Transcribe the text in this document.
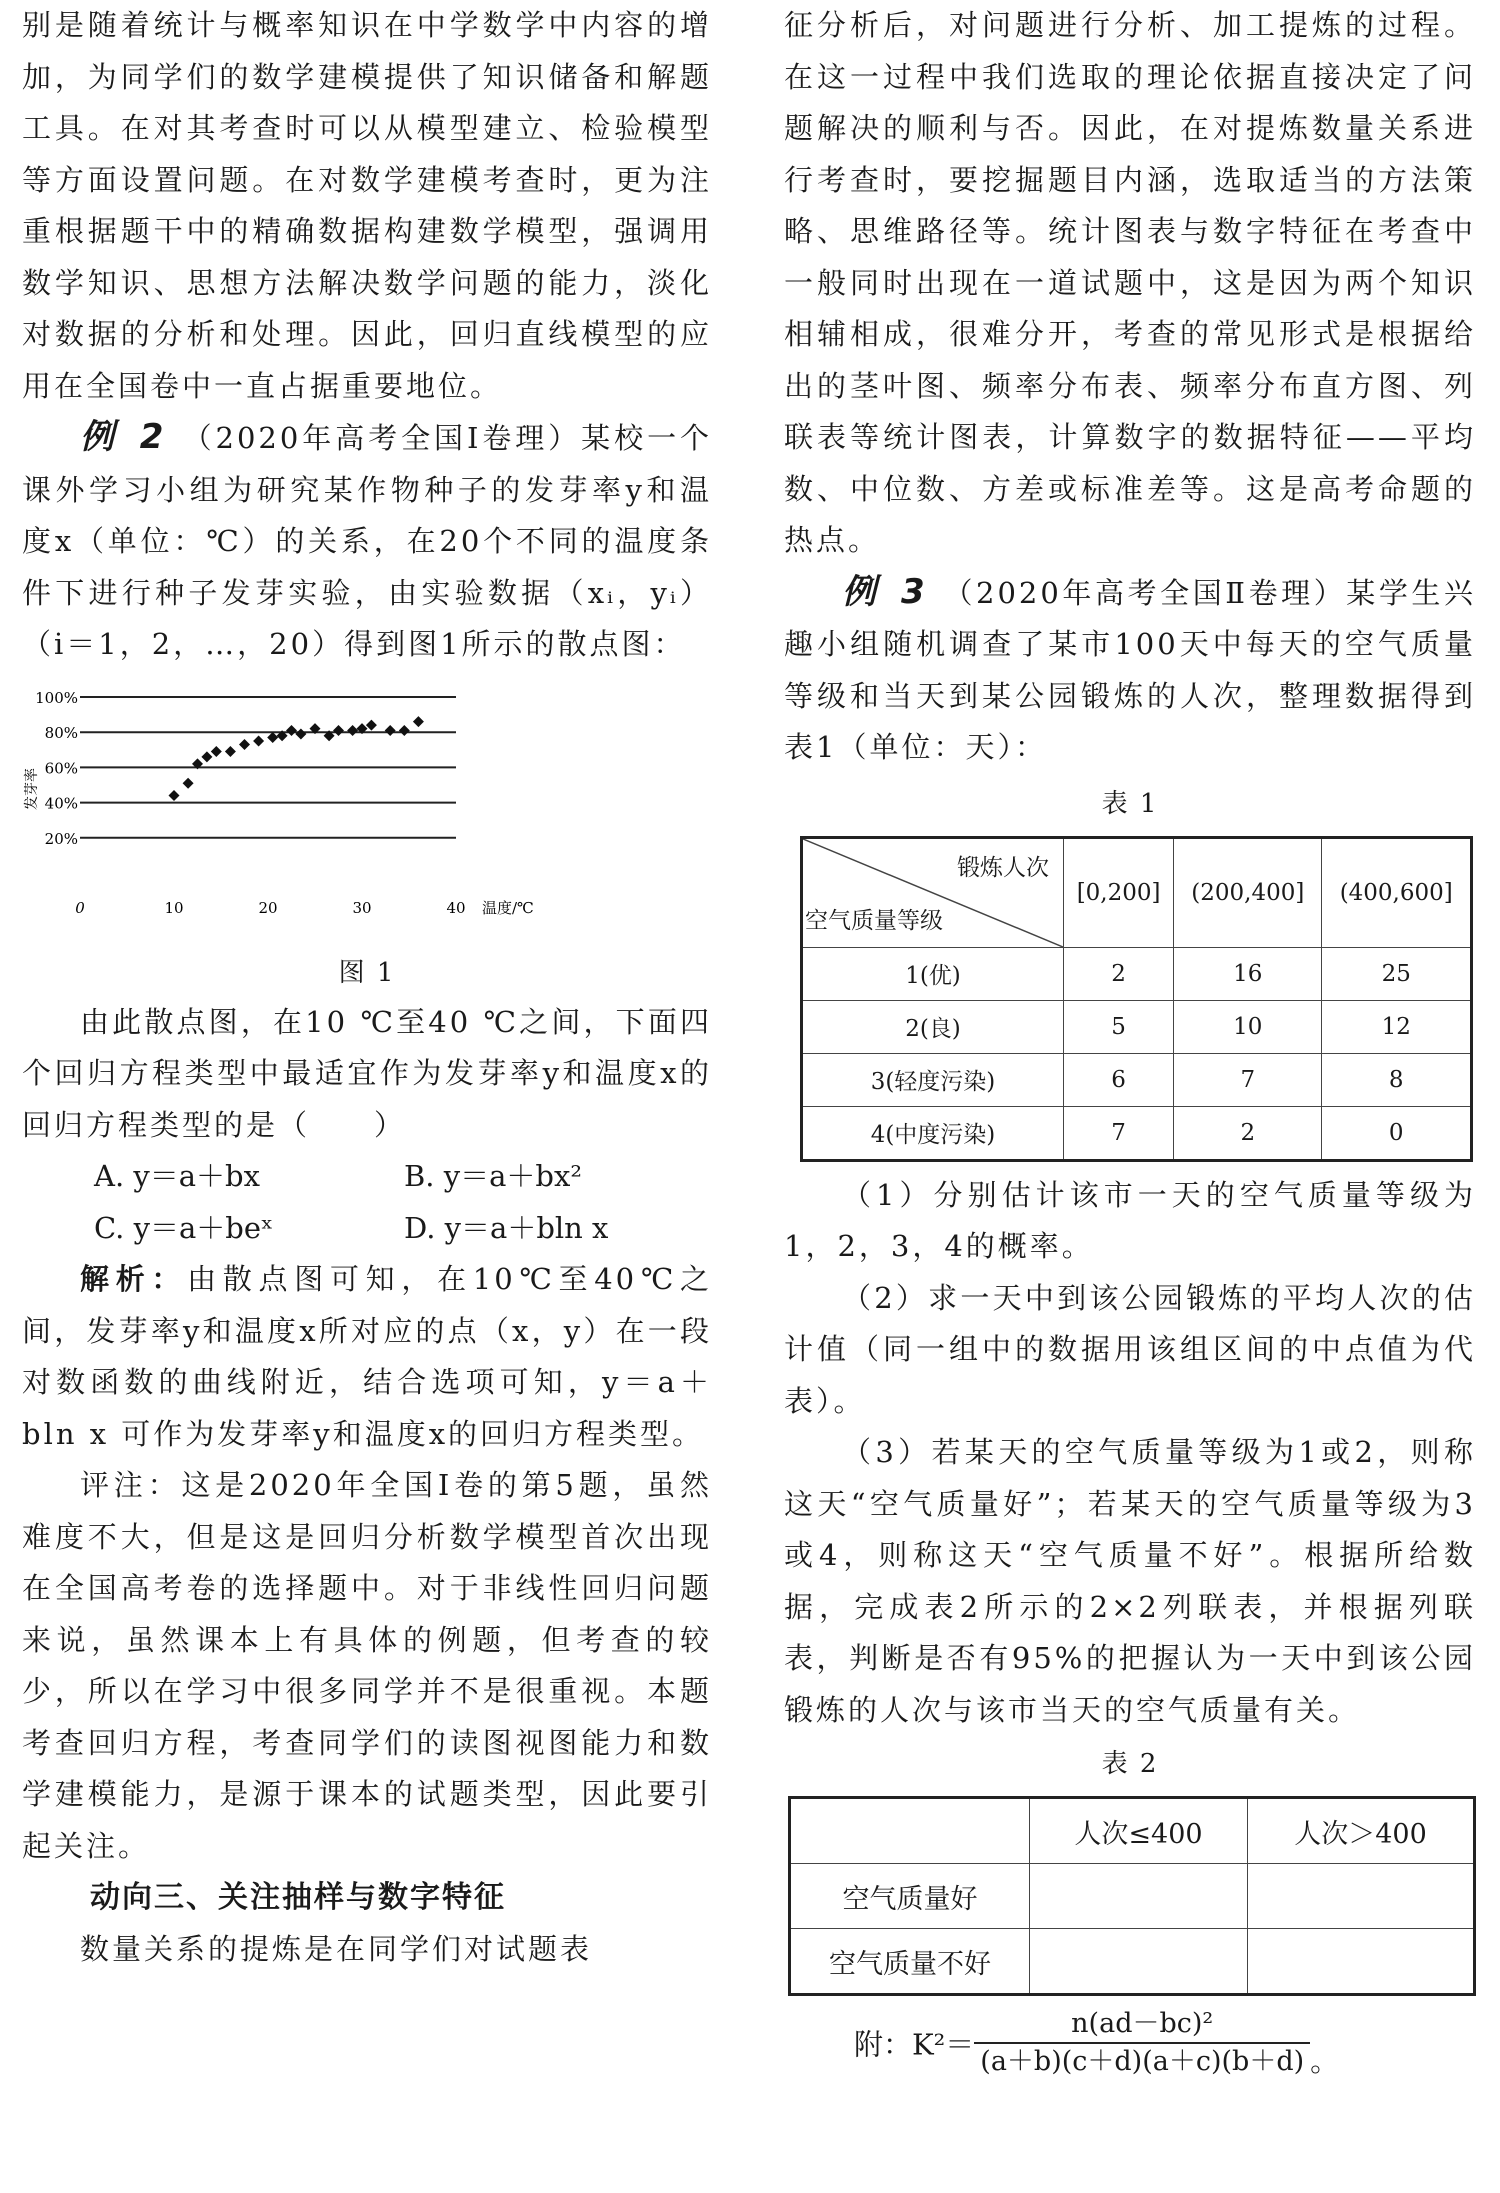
别是随着统计与概率知识在中学数学中内容的增加，为同学们的数学建模提供了知识储备和解题工具。在对其考查时可以从模型建立、检验模型等方面设置问题。在对数学建模考查时，更为注重根据题干中的精确数据构建数学模型，强调用数学知识、思想方法解决数学问题的能力，淡化对数据的分析和处理。因此，回归直线模型的应用在全国卷中一直占据重要地位。

例 2 （2020年高考全国Ⅰ卷理）某校一个课外学习小组为研究某作物种子的发芽率y和温度x（单位：℃）的关系，在20个不同的温度条件下进行种子发芽实验，由实验数据（xᵢ，yᵢ）（i＝1，2，…，20）得到图1所示的散点图：

20%
40%
60%
80%
100%
0	10	20	30	40 温度/℃
发芽率

图 1

由此散点图，在10 ℃至40 ℃之间，下面四个回归方程类型中最适宜作为发芽率y和温度x的回归方程类型的是（　　）

A. y＝a＋bx	B. y＝a＋bx²
C. y＝a＋beˣ	D. y＝a＋bln x

解析：由散点图可知，在10℃至40℃之间，发芽率y和温度x所对应的点（x，y）在一段对数函数的曲线附近，结合选项可知，y＝a＋bln x 可作为发芽率y和温度x的回归方程类型。

评注：这是2020年全国Ⅰ卷的第5题，虽然难度不大，但是这是回归分析数学模型首次出现在全国高考卷的选择题中。对于非线性回归问题来说，虽然课本上有具体的例题，但考查的较少，所以在学习中很多同学并不是很重视。本题考查回归方程，考查同学们的读图视图能力和数学建模能力，是源于课本的试题类型，因此要引起关注。

动向三、关注抽样与数字特征

数量关系的提炼是在同学们对试题表

征分析后，对问题进行分析、加工提炼的过程。在这一过程中我们选取的理论依据直接决定了问题解决的顺利与否。因此，在对提炼数量关系进行考查时，要挖掘题目内涵，选取适当的方法策略、思维路径等。统计图表与数字特征在考查中一般同时出现在一道试题中，这是因为两个知识相辅相成，很难分开，考查的常见形式是根据给出的茎叶图、频率分布表、频率分布直方图、列联表等统计图表，计算数字的数据特征——平均数、中位数、方差或标准差等。这是高考命题的热点。

例 3 （2020年高考全国Ⅱ卷理）某学生兴趣小组随机调查了某市100天中每天的空气质量等级和当天到某公园锻炼的人次，整理数据得到表1（单位：天）：

表 1

锻炼人次
空气质量等级	[0,200]	(200,400]	(400,600]
1(优)	2	16	25
2(良)	5	10	12
3(轻度污染)	6	7	8
4(中度污染)	7	2	0

（1）分别估计该市一天的空气质量等级为1，2，3，4的概率。

（2）求一天中到该公园锻炼的平均人次的估计值（同一组中的数据用该组区间的中点值为代表）。

（3）若某天的空气质量等级为1或2，则称这天“空气质量好”；若某天的空气质量等级为3或4，则称这天“空气质量不好”。根据所给数据，完成表2所示的2×2列联表，并根据列联表，判断是否有95%的把握认为一天中到该公园锻炼的人次与该市当天的空气质量有关。

表 2

	人次≤400	人次＞400
空气质量好		
空气质量不好		
附：$K^2= \frac{\text{n(ad－bc)²}}{(a+b)(c+d)(a+c)(b+d)}$ 。
